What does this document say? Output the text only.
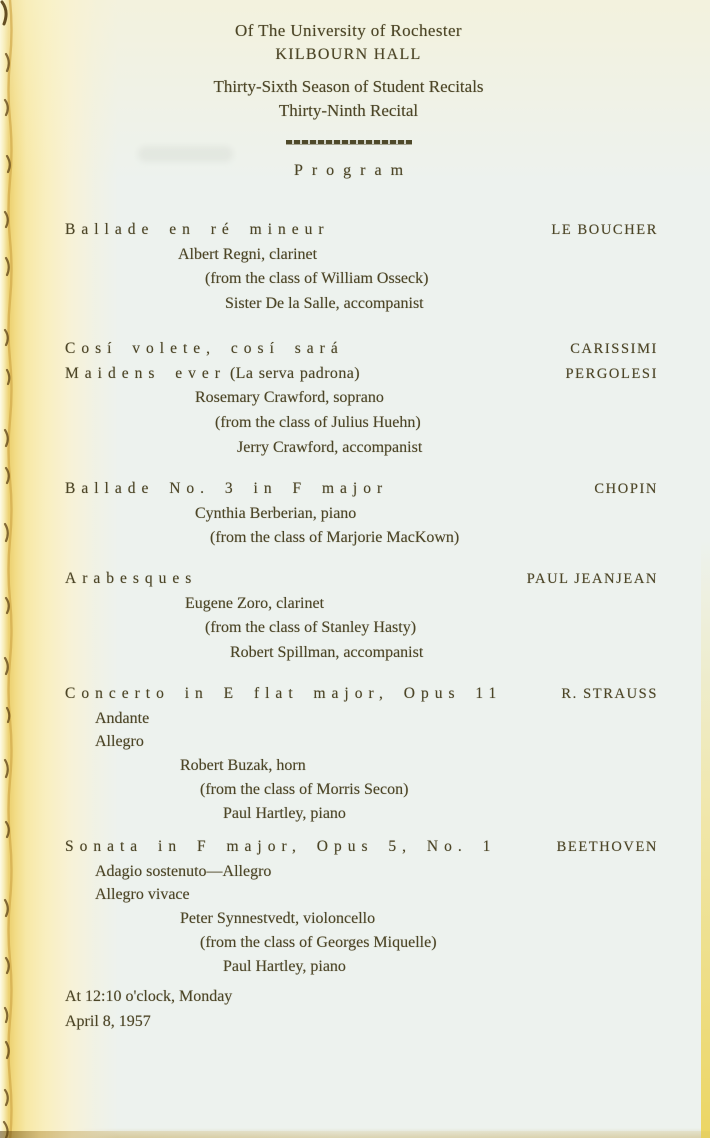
Of The University of Rochester
KILBOURN HALL
Thirty-Sixth Season of Student Recitals
Thirty-Ninth Recital
Program
Ballade en ré mineur	LE BOUCHER
Albert Regni, clarinet
(from the class of William Osseck)
Sister De la Salle, accompanist
Cosí volete, cosí sará	CARISSIMI
Maidens ever (La serva padrona)	PERGOLESI
Rosemary Crawford, soprano
(from the class of Julius Huehn)
Jerry Crawford, accompanist
Ballade No. 3 in F major	CHOPIN
Cynthia Berberian, piano
(from the class of Marjorie MacKown)
Arabesques	PAUL JEANJEAN
Eugene Zoro, clarinet
(from the class of Stanley Hasty)
Robert Spillman, accompanist
Concerto in E flat major, Opus 11	R. STRAUSS
Andante
Allegro
Robert Buzak, horn
(from the class of Morris Secon)
Paul Hartley, piano
Sonata in F major, Opus 5, No. 1	BEETHOVEN
Adagio sostenuto—Allegro
Allegro vivace
Peter Synnestvedt, violoncello
(from the class of Georges Miquelle)
Paul Hartley, piano
At 12:10 o'clock, Monday
April 8, 1957
